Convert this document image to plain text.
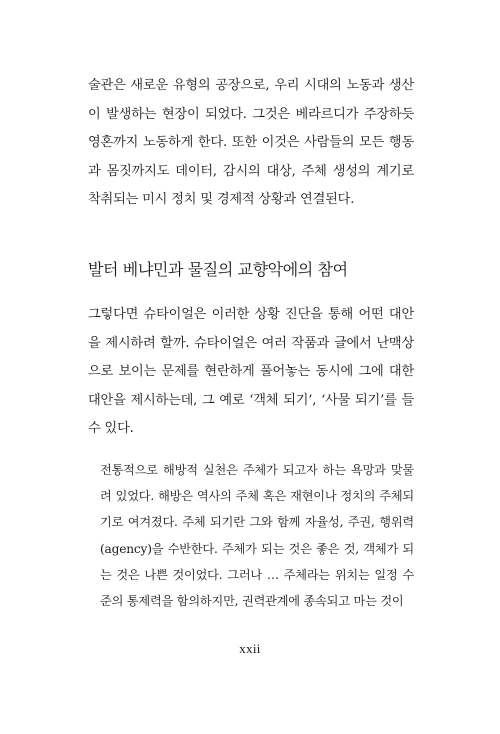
술관은 새로운 유형의 공장으로, 우리 시대의 노동과 생산이 발생하는 현장이 되었다. 그것은 베라르디가 주장하듯 영혼까지 노동하게 한다. 또한 이것은 사람들의 모든 행동과 몸짓까지도 데이터, 감시의 대상, 주체 생성의 계기로 착취되는 미시 정치 및 경제적 상황과 연결된다.

발터 베냐민과 물질의 교향악에의 참여

그렇다면 슈타이얼은 이러한 상황 진단을 통해 어떤 대안을 제시하려 할까. 슈타이얼은 여러 작품과 글에서 난맥상으로 보이는 문제를 현란하게 풀어놓는 동시에 그에 대한 대안을 제시하는데, 그 예로 ‘객체 되기’, ‘사물 되기’를 들 수 있다.

전통적으로 해방적 실천은 주체가 되고자 하는 욕망과 맞물려 있었다. 해방은 역사의 주체 혹은 재현이나 정치의 주체되기로 여겨졌다. 주체 되기란 그와 함께 자율성, 주권, 행위력(agency)을 수반한다. 주체가 되는 것은 좋은 것, 객체가 되는 것은 나쁜 것이었다. 그러나 … 주체라는 위치는 일정 수준의 통제력을 함의하지만, 권력관계에 종속되고 마는 것이

xxii
